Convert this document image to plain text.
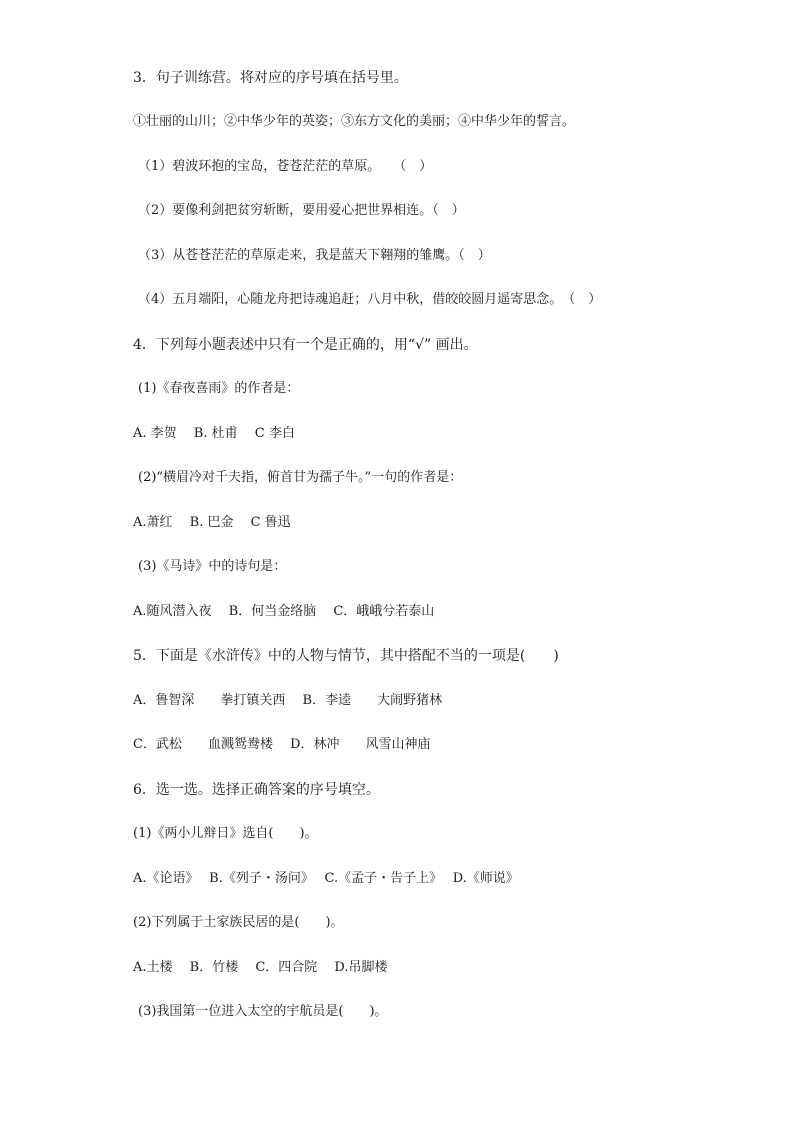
3．句子训练营。将对应的序号填在括号里。
①壮丽的山川；②中华少年的英姿；③东方文化的美丽；④中华少年的誓言。
（1）碧波环抱的宝岛，苍苍茫茫的草原。　　（　）
（2）要像利剑把贫穷斩断，要用爱心把世界相连。（　）
（3）从苍苍茫茫的草原走来，我是蓝天下翱翔的雏鹰。（　）
（4）五月端阳，心随龙舟把诗魂追赶；八月中秋，借皎皎圆月遥寄思念。　（　）
4．下列每小题表述中只有一个是正确的，用“√” 画出。
(1)《春夜喜雨》的作者是：
A. 李贺　 B. 杜甫　 C 李白
(2)“横眉冷对千夫指，俯首甘为孺子牛。”一句的作者是：
A.萧红　 B. 巴金　 C 鲁迅
(3)《马诗》中的诗句是：
A.随风潜入夜　 B．何当金络脑　 C．峨峨兮若泰山
5．下面是《水浒传》中的人物与情节，其中搭配不当的一项是(　　)
A．鲁智深　　拳打镇关西　 B．李逵　　大闹野猪林
C．武松　　血溅鸳鸯楼　 D．林冲　　风雪山神庙
6．选一选。选择正确答案的序号填空。
(1)《两小儿辩日》选自(　　)。
A.《论语》　 B.《列子・汤问》　 C.《孟子・告子上》　 D.《师说》
(2)下列属于土家族民居的是(　　)。
A.土楼　 B．竹楼　 C．四合院　 D.吊脚楼
(3)我国第一位进入太空的宇航员是(　　)。
